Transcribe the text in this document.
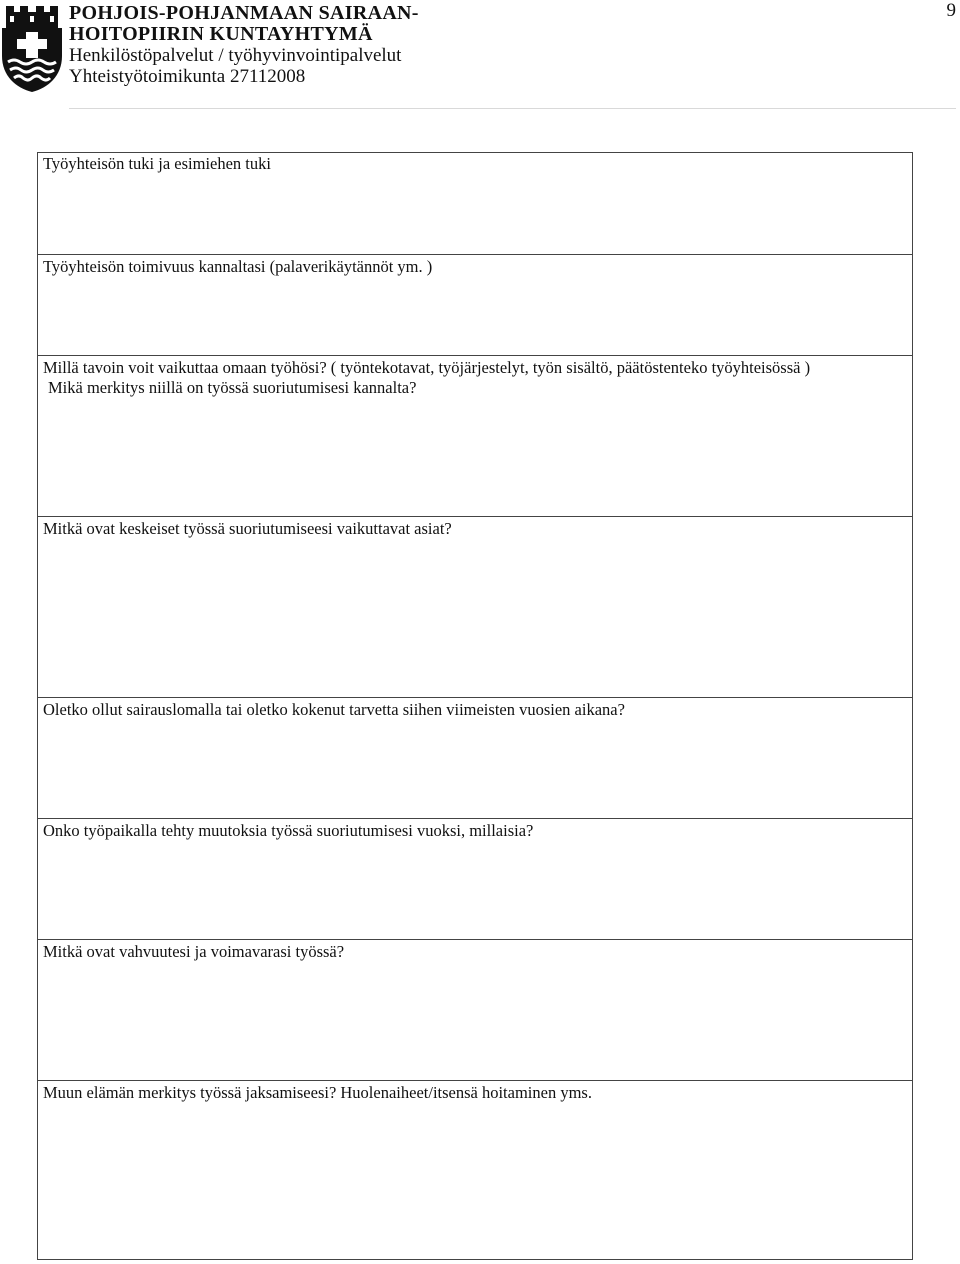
POHJOIS-POHJANMAAN SAIRAAN-
HOITOPIIRIN KUNTAYHTYMÄ
Henkilöstöpalvelut / työhyvinvointipalvelut
Yhteistyötoimikunta 27112008
9
Työyhteisön tuki ja esimiehen tuki
Työyhteisön toimivuus kannaltasi (palaverikäytännöt ym. )
Millä tavoin voit vaikuttaa omaan työhösi? ( työntekotavat, työjärjestelyt, työn sisältö, päätöstenteko työyhteisössä )
Mikä merkitys niillä on työssä suoriutumisesi kannalta?
Mitkä ovat keskeiset työssä suoriutumiseesi vaikuttavat asiat?
Oletko ollut sairauslomalla tai oletko kokenut tarvetta siihen viimeisten vuosien aikana?
Onko työpaikalla tehty muutoksia työssä suoriutumisesi vuoksi, millaisia?
Mitkä ovat vahvuutesi ja voimavarasi työssä?
Muun elämän merkitys työssä jaksamiseesi? Huolenaiheet/itsensä hoitaminen yms.
